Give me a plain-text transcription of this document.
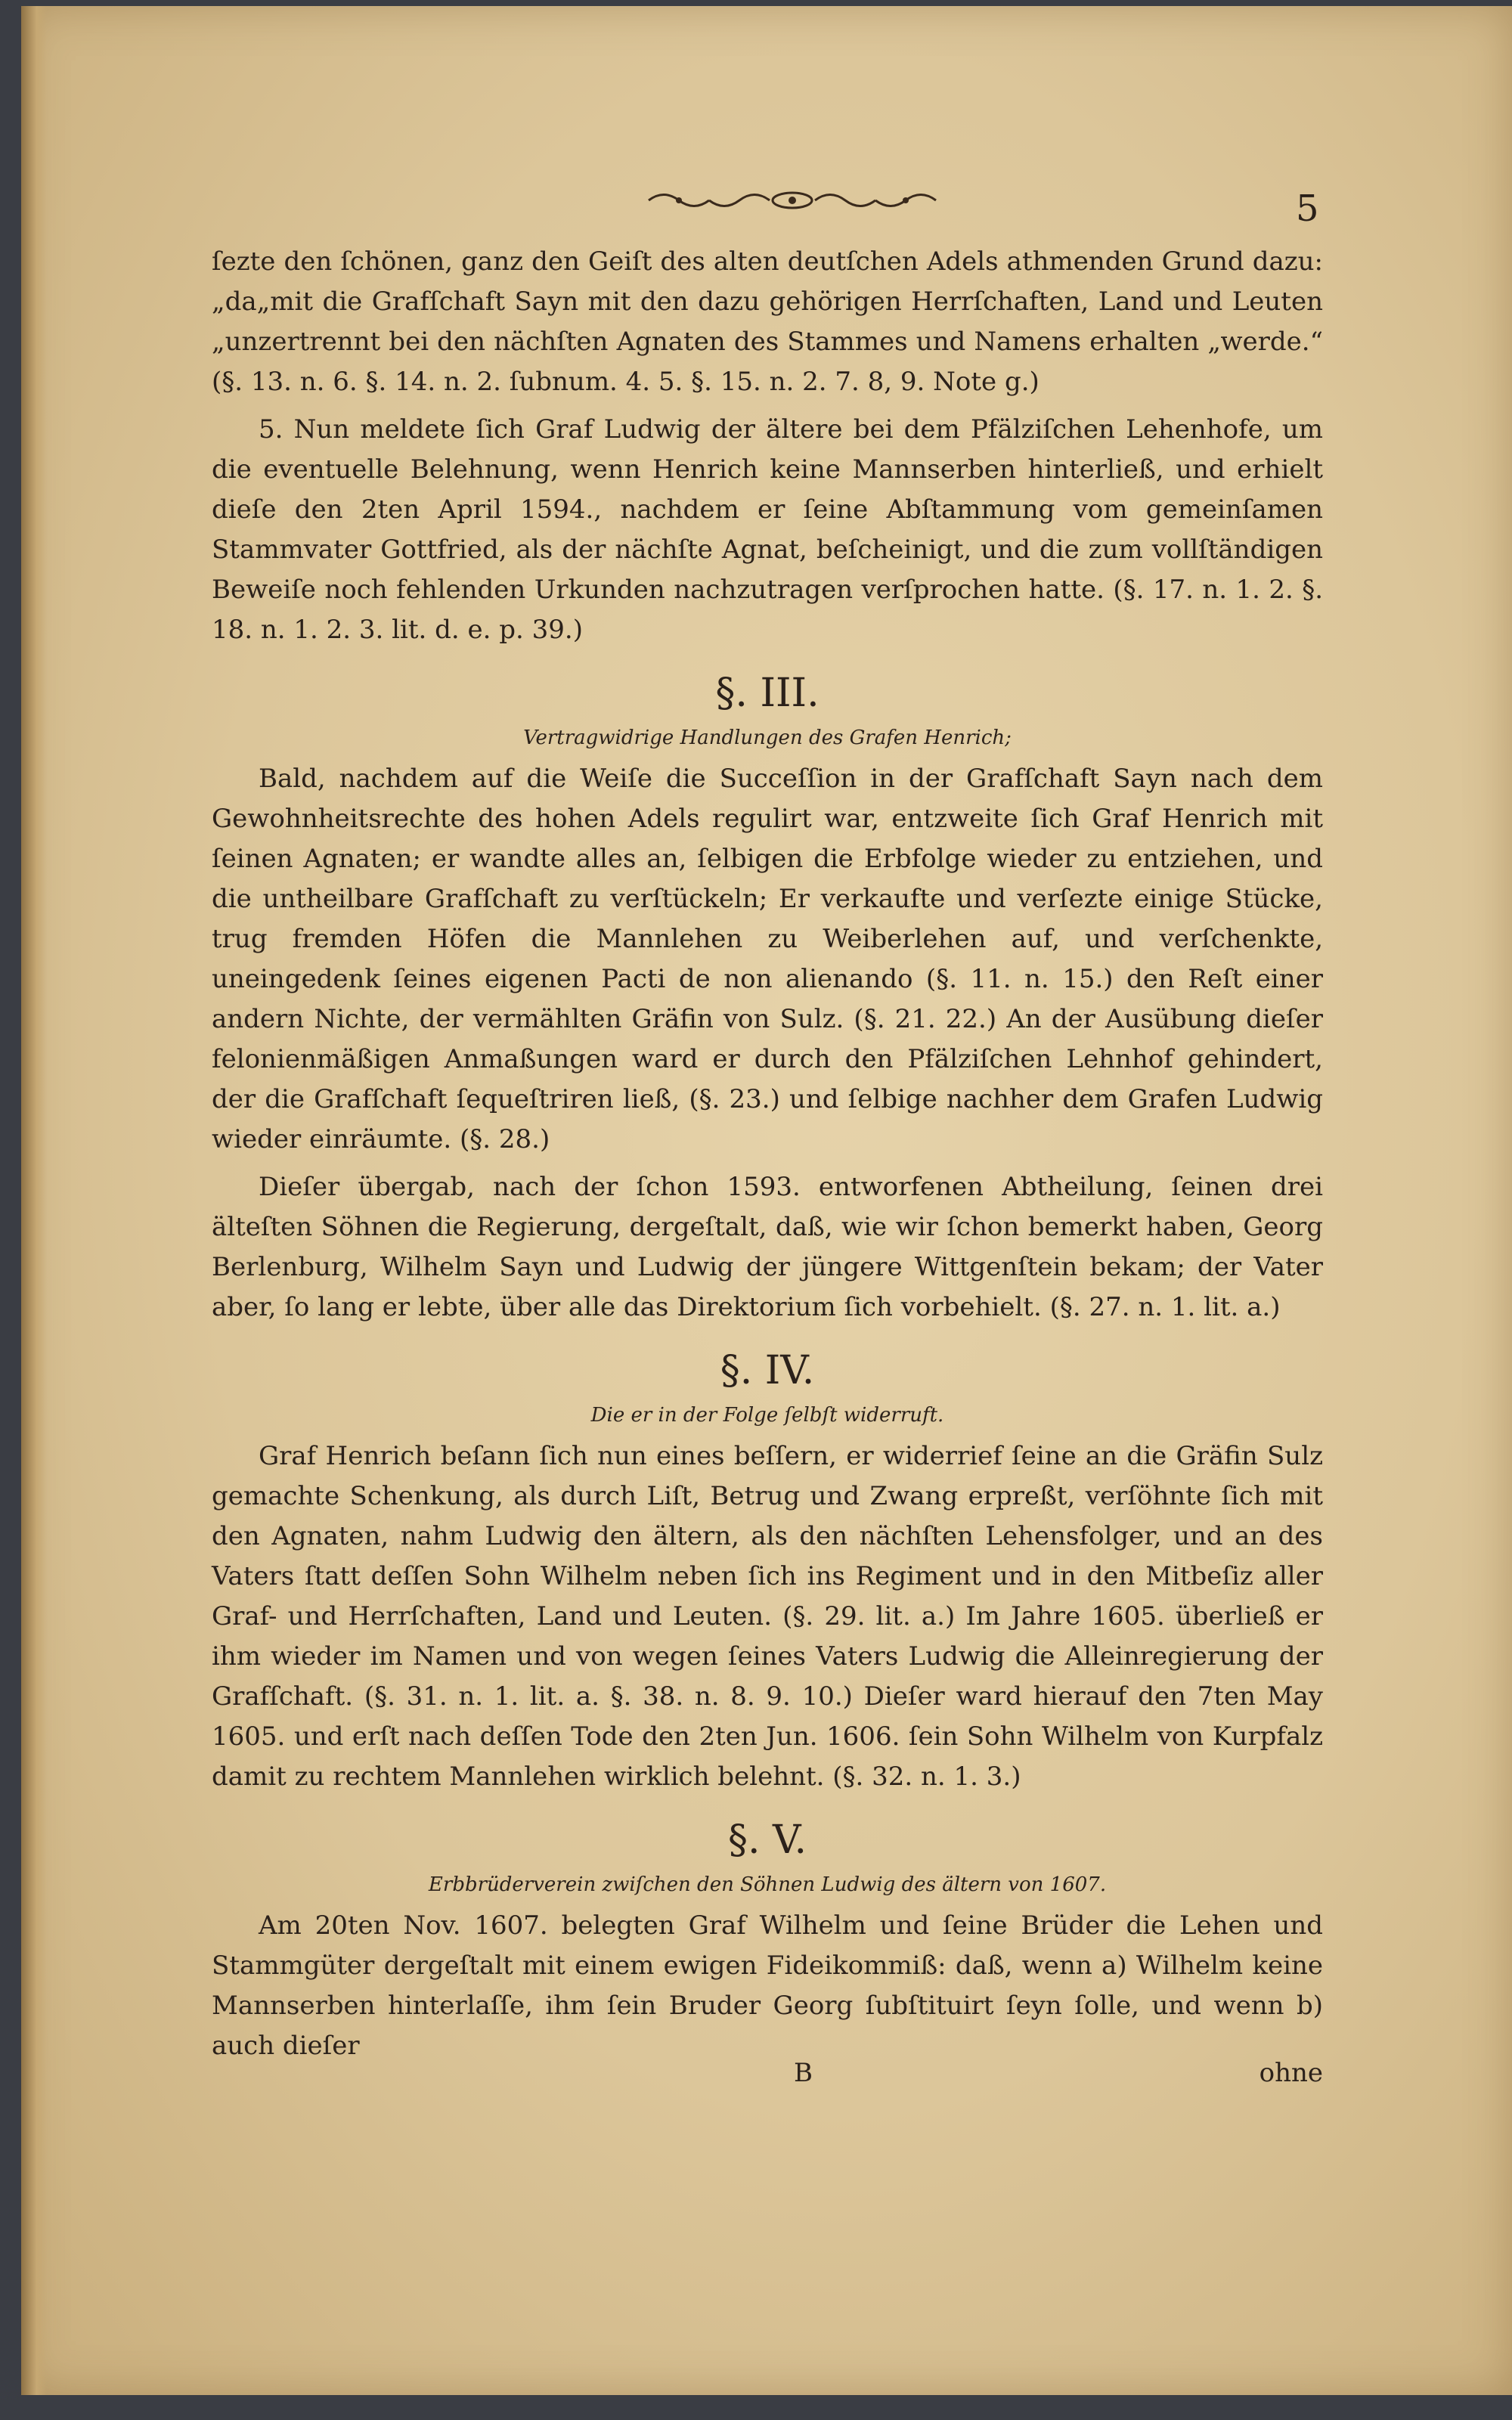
5

ſezte den ſchönen, ganz den Geiſt des alten deutſchen Adels athmenden Grund dazu: „da„mit die Grafſchaft Sayn mit den dazu gehörigen Herrſchaften, Land und Leuten „unzertrennt bei den nächſten Agnaten des Stammes und Namens erhalten „werde.“ (§. 13. n. 6. §. 14. n. 2. ſubnum. 4. 5. §. 15. n. 2. 7. 8, 9. Note g.)

5. Nun meldete ſich Graf Ludwig der ältere bei dem Pfälziſchen Lehenhofe, um die eventuelle Belehnung, wenn Henrich keine Mannserben hinterließ, und erhielt dieſe den 2ten April 1594., nachdem er ſeine Abſtammung vom gemeinſamen Stammvater Gottfried, als der nächſte Agnat, beſcheinigt, und die zum vollſtändigen Beweiſe noch fehlenden Urkunden nachzutragen verſprochen hatte. (§. 17. n. 1. 2. §. 18. n. 1. 2. 3. lit. d. e. p. 39.)

§. III.
Vertragwidrige Handlungen des Grafen Henrich;

Bald, nachdem auf die Weiſe die Succeſſion in der Grafſchaft Sayn nach dem Gewohnheitsrechte des hohen Adels regulirt war, entzweite ſich Graf Henrich mit ſeinen Agnaten; er wandte alles an, ſelbigen die Erbfolge wieder zu entziehen, und die untheilbare Grafſchaft zu verſtückeln; Er verkaufte und verſezte einige Stücke, trug fremden Höfen die Mannlehen zu Weiberlehen auf, und verſchenkte, uneingedenk ſeines eigenen Pacti de non alienando (§. 11. n. 15.) den Reſt einer andern Nichte, der vermählten Gräfin von Sulz. (§. 21. 22.) An der Ausübung dieſer felonienmäßigen Anmaßungen ward er durch den Pfälziſchen Lehnhof gehindert, der die Grafſchaft ſequeſtriren ließ, (§. 23.) und ſelbige nachher dem Grafen Ludwig wieder einräumte. (§. 28.)

Dieſer übergab, nach der ſchon 1593. entworfenen Abtheilung, ſeinen drei älteſten Söhnen die Regierung, dergeſtalt, daß, wie wir ſchon bemerkt haben, Georg Berlenburg, Wilhelm Sayn und Ludwig der jüngere Wittgenſtein bekam; der Vater aber, ſo lang er lebte, über alle das Direktorium ſich vorbehielt. (§. 27. n. 1. lit. a.)

§. IV.
Die er in der Folge ſelbſt widerruft.

Graf Henrich beſann ſich nun eines beſſern, er widerrief ſeine an die Gräfin Sulz gemachte Schenkung, als durch Liſt, Betrug und Zwang erpreßt, verſöhnte ſich mit den Agnaten, nahm Ludwig den ältern, als den nächſten Lehensfolger, und an des Vaters ſtatt deſſen Sohn Wilhelm neben ſich ins Regiment und in den Mitbeſiz aller Graf- und Herrſchaften, Land und Leuten. (§. 29. lit. a.) Im Jahre 1605. überließ er ihm wieder im Namen und von wegen ſeines Vaters Ludwig die Alleinregierung der Grafſchaft. (§. 31. n. 1. lit. a. §. 38. n. 8. 9. 10.) Dieſer ward hierauf den 7ten May 1605. und erſt nach deſſen Tode den 2ten Jun. 1606. ſein Sohn Wilhelm von Kurpfalz damit zu rechtem Mannlehen wirklich belehnt. (§. 32. n. 1. 3.)

§. V.
Erbbrüderverein zwiſchen den Söhnen Ludwig des ältern von 1607.

Am 20ten Nov. 1607. belegten Graf Wilhelm und ſeine Brüder die Lehen und Stammgüter dergeſtalt mit einem ewigen Fideikommiß: daß, wenn a) Wilhelm keine Mannserben hinterlaſſe, ihm ſein Bruder Georg ſubſtituirt ſeyn ſolle, und wenn b) auch dieſer

B	ohne
